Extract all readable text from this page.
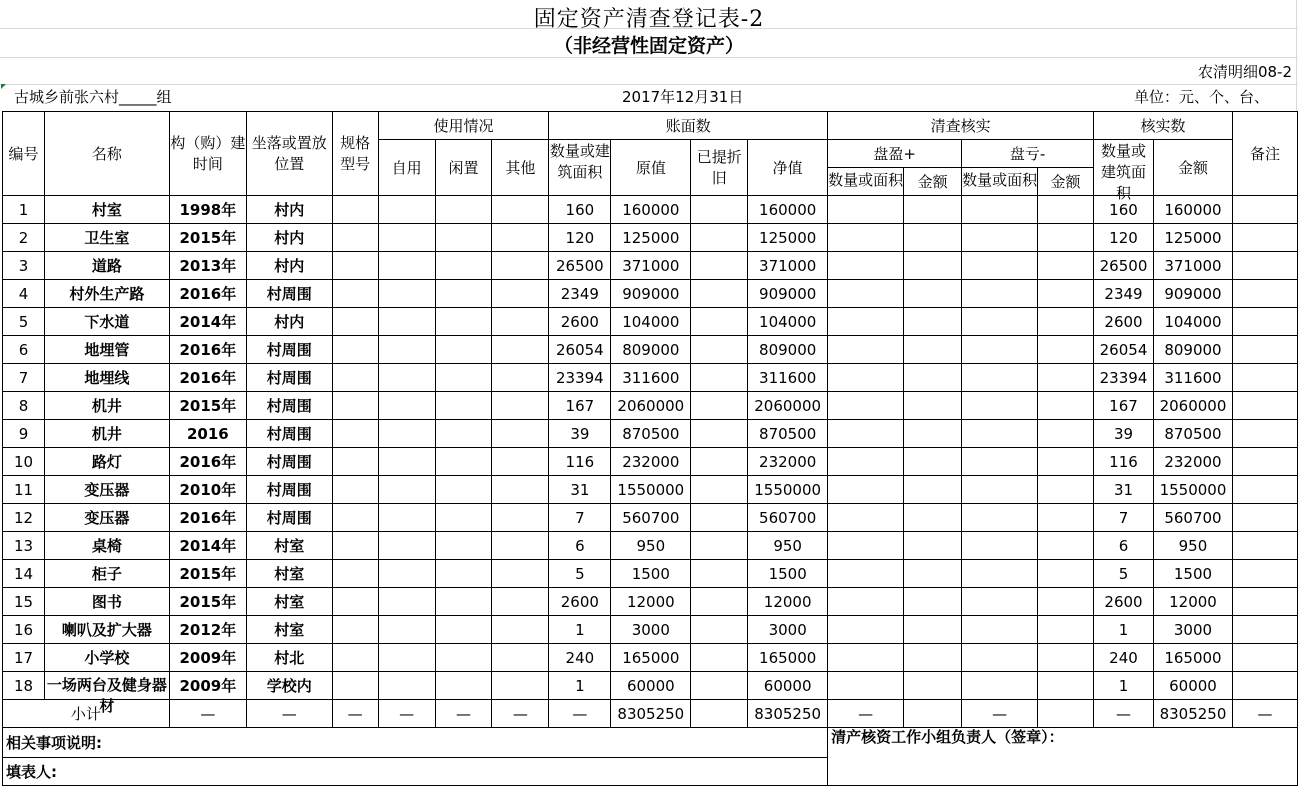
固定资产清查登记表-2
（非经营性固定资产）
农清明细08-2
古城乡前张六村_____组	2017年12月31日	单位：元、个、台、
编号	名称	构（购）建时间	坐落或置放位置	规格型号	使用情况			账面数				清查核实				核实数		备注
					自用	闲置	其他	数量或建筑面积	原值	已提折旧	净值	盘盈+		盘亏-		数量或建筑面积	金额	

												数量或面积	金额	数量或面积	金额			
1	村室	1998年	村内					160	160000		160000					160	160000	
2	卫生室	2015年	村内					120	125000		125000					120	125000	
3	道路	2013年	村内					26500	371000		371000					26500	371000	
4	村外生产路	2016年	村周围					2349	909000		909000					2349	909000	
5	下水道	2014年	村内					2600	104000		104000					2600	104000	
6	地埋管	2016年	村周围					26054	809000		809000					26054	809000	
7	地埋线	2016年	村周围					23394	311600		311600					23394	311600	
8	机井	2015年	村周围					167	2060000		2060000					167	2060000	
9	机井	2016	村周围					39	870500		870500					39	870500	
10	路灯	2016年	村周围					116	232000		232000					116	232000	
11	变压器	2010年	村周围					31	1550000		1550000					31	1550000	
12	变压器	2016年	村周围					7	560700		560700					7	560700	
13	桌椅	2014年	村室					6	950		950					6	950	
14	柜子	2015年	村室					5	1500		1500					5	1500	
15	图书	2015年	村室					2600	12000		12000					2600	12000	
16	喇叭及扩大器	2012年	村室					1	3000		3000					1	3000	
17	小学校	2009年	村北					240	165000		165000					240	165000	
18	一场两台及健身器材	2009年	学校内					1	60000		60000					1	60000	
小计		—	—	—	—	—	—	—	8305250		8305250	—		—		—	8305250	—
相关事项说明:												清产核资工作小组负责人（签章）：						
填表人:																		
